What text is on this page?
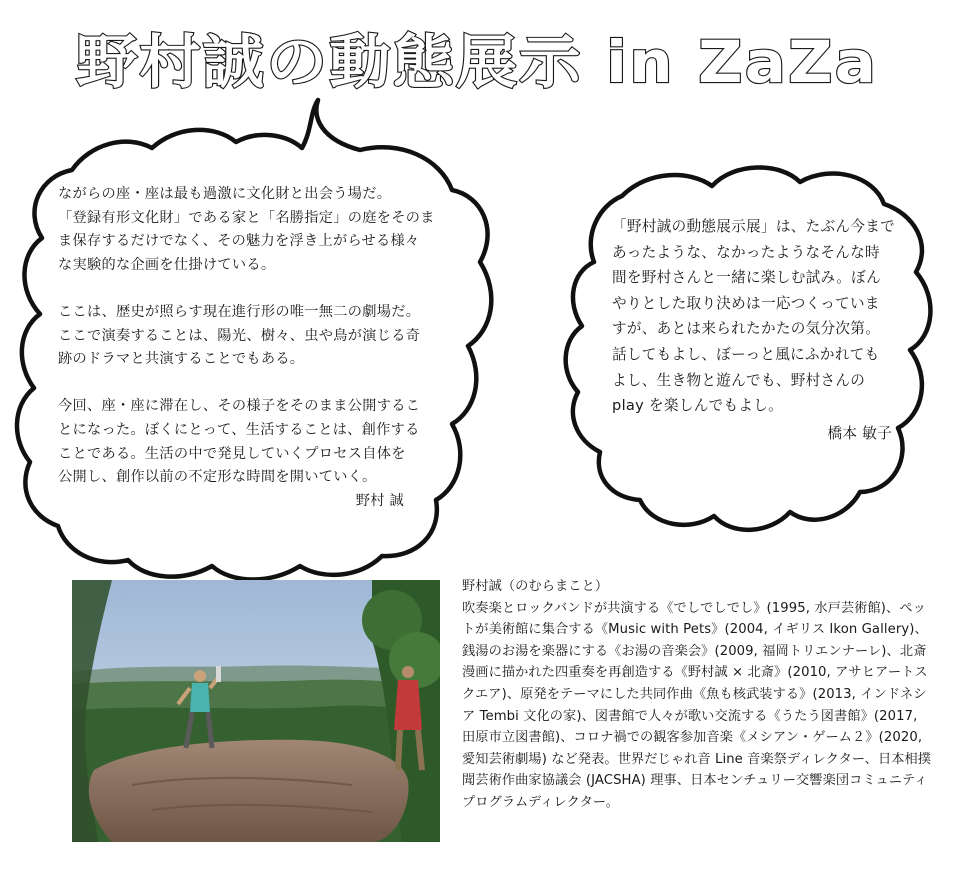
野村誠の動態展示 in ZaZa

ながらの座・座は最も過激に文化財と出会う場だ。
「登録有形文化財」である家と「名勝指定」の庭をそのま
ま保存するだけでなく、その魅力を浮き上がらせる様々
な実験的な企画を仕掛けている。

ここは、歴史が照らす現在進行形の唯一無二の劇場だ。
ここで演奏することは、陽光、樹々、虫や鳥が演じる奇
跡のドラマと共演することでもある。

今回、座・座に滞在し、その様子をそのまま公開するこ
とになった。ぼくにとって、生活することは、創作する
ことである。生活の中で発見していくプロセス自体を
公開し、創作以前の不定形な時間を開いていく。

野村 誠

「野村誠の動態展示展」は、たぶん今まで
あったような、なかったようなそんな時
間を野村さんと一緒に楽しむ試み。ぼん
やりとした取り決めは一応つくっていま
すが、あとは来られたかたの気分次第。
話してもよし、ぼーっと風にふかれても
よし、生き物と遊んでも、野村さんの
play を楽しんでもよし。

橋本 敏子

野村誠（のむらまこと）

吹奏楽とロックバンドが共演する《でしでしでし》(1995, 水戸芸術館)、ペットが美術館に集合する《Music with Pets》(2004, イギリス Ikon Gallery)、銭湯のお湯を楽器にする《お湯の音楽会》(2009, 福岡トリエンナーレ)、北斎漫画に描かれた四重奏を再創造する《野村誠 × 北斎》(2010, アサヒアートスクエア)、原発をテーマにした共同作曲《魚も核武装する》(2013, インドネシア Tembi 文化の家)、図書館で人々が歌い交流する《うたう図書館》(2017, 田原市立図書館)、コロナ禍での観客参加音楽《メシアン・ゲーム２》(2020, 愛知芸術劇場) など発表。世界だじゃれ音 Line 音楽祭ディレクター、日本相撲聞芸術作曲家協議会 (JACSHA) 理事、日本センチュリー交響楽団コミュニティプログラムディレクター。
